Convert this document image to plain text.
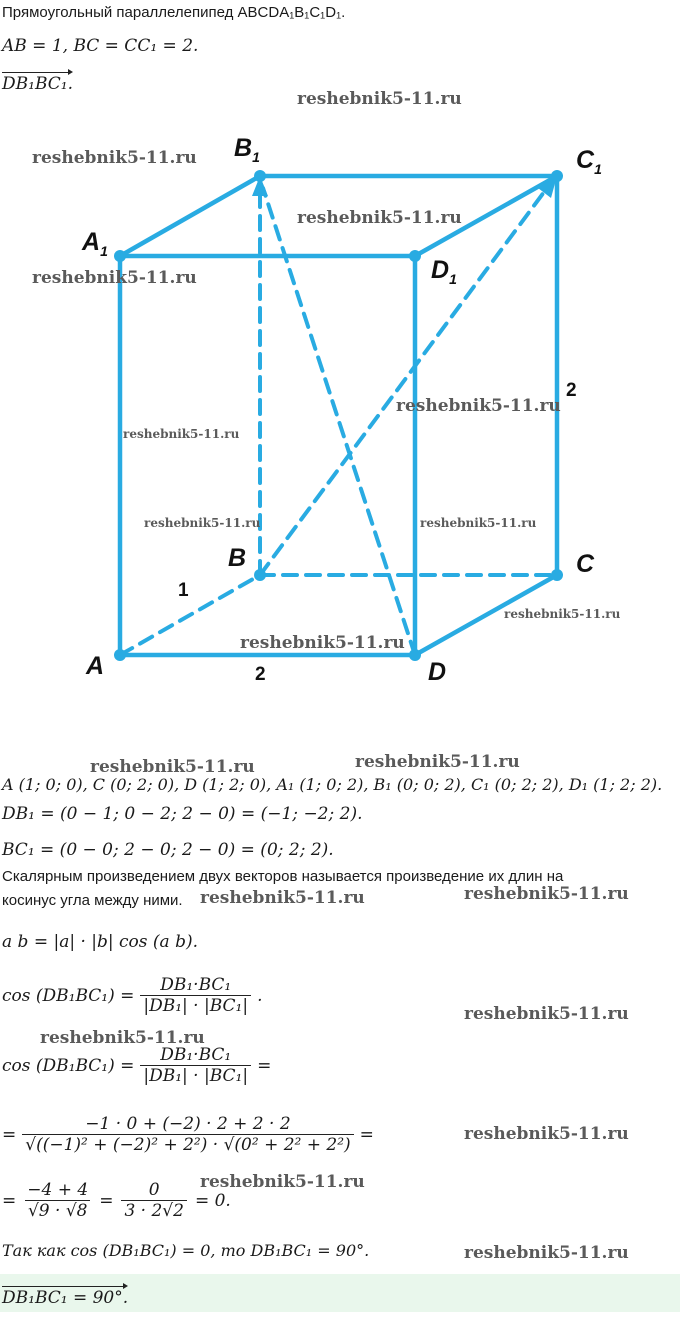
Прямоугольный параллелепипед ABCDA₁B₁C₁D₁.
AB = 1, BC = CC₁ = 2.
DB₁BC₁.
A
B	C
D
$A_1$
$B_1$	$C_1$
$D_1$
1
2
2
reshebnik5-11.ru
reshebnik5-11.ru
reshebnik5-11.ru
reshebnik5-11.ru
reshebnik5-11.ru
reshebnik5-11.ru
reshebnik5-11.ru	reshebnik5-11.ru
reshebnik5-11.ru
reshebnik5-11.ru
reshebnik5-11.ru	reshebnik5-11.ru
reshebnik5-11.ru	reshebnik5-11.ru
reshebnik5-11.ru
reshebnik5-11.ru
reshebnik5-11.ru
reshebnik5-11.ru
reshebnik5-11.ru
A (1; 0; 0), C (0; 2; 0), D (1; 2; 0), A₁ (1; 0; 2), B₁ (0; 0; 2), C₁ (0; 2; 2), D₁ (1; 2; 2).
DB₁ = (0 − 1; 0 − 2; 2 − 0) = (−1; −2; 2).
BC₁ = (0 − 0; 2 − 0; 2 − 0) = (0; 2; 2).
Скалярным произведением двух векторов называется произведение их длин на
косинус угла между ними.
a b = |a| · |b| cos (a b).
$\cos (DB_1BC_1) = \frac{\text{DB₁·BC₁}}{\text{|DB₁| · |BC₁|}}$ .
$\cos (DB_1BC_1) = \frac{\text{DB₁·BC₁}}{\text{|DB₁| · |BC₁|}}$ =
= $\frac{-1 \cdot 0 + (-2) \cdot 2 + 2 \cdot 2}{\text{√((−1)² + (−2)² + 2²) · √(0² + 2² + 2²)}}$ =
= $\frac{-4 + 4}{√9 \cdot √8} = \frac{0}{3 \cdot 2√2} = 0$.
Так как cos (DB₁BC₁) = 0, то DB₁BC₁ = 90°.
DB₁BC₁ = 90°.
